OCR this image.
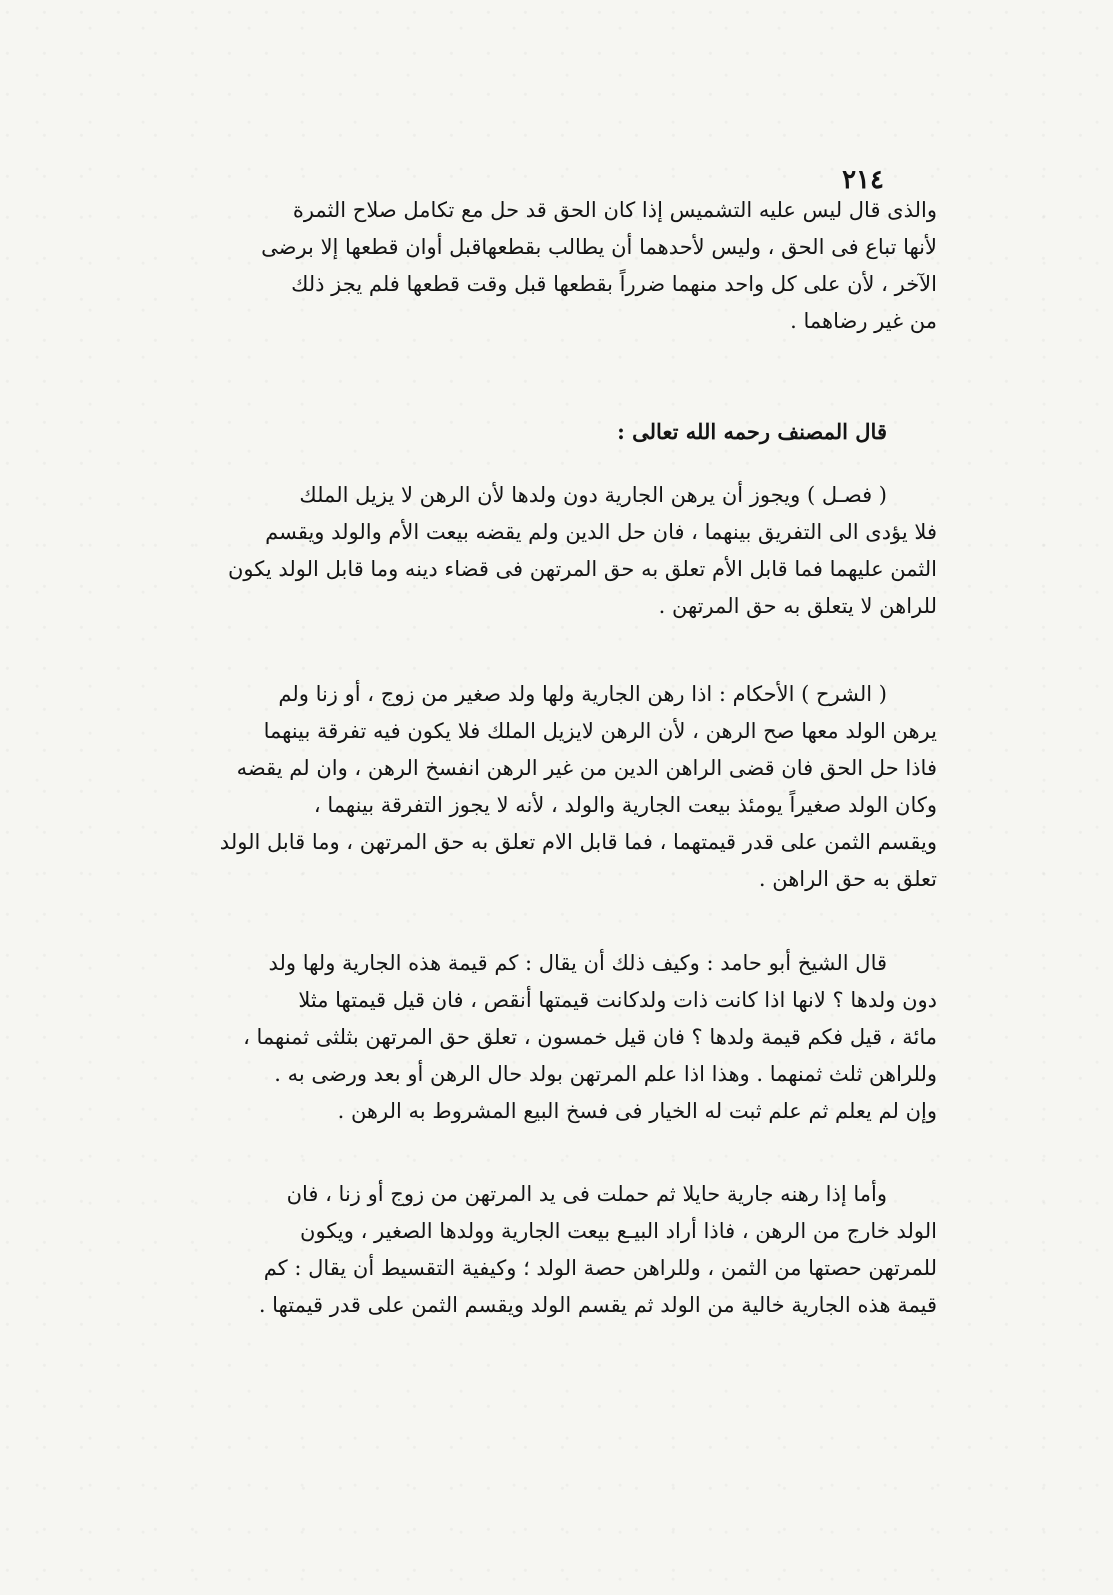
٢١٤

والذى قال ليس عليه التشميس إذا كان الحق قد حل مع تكامل صلاح الثمرة
لأنها تباع فى الحق ، وليس لأحدهما أن يطالب بقطعهاقبل أوان قطعها إلا برضى
الآخر ، لأن على كل واحد منهما ضرراً بقطعها قبل وقت قطعها فلم يجز ذلك
من غير رضاهما .

قال المصنف رحمه الله تعالى :

( فصـل ) ويجوز أن يرهن الجارية دون ولدها لأن الرهن لا يزيل الملك
فلا يؤدى الى التفريق بينهما ، فان حل الدين ولم يقضه بيعت الأم والولد ويقسم
الثمن عليهما فما قابل الأم تعلق به حق المرتهن فى قضاء دينه وما قابل الولد يكون
للراهن لا يتعلق به حق المرتهن .

( الشرح ) الأحكام : اذا رهن الجارية ولها ولد صغير من زوج ، أو زنا ولم
يرهن الولد معها صح الرهن ، لأن الرهن لايزيل الملك فلا يكون فيه تفرقة بينهما
فاذا حل الحق فان قضى الراهن الدين من غير الرهن انفسخ الرهن ، وان لم يقضه
وكان الولد صغيراً يومئذ بيعت الجارية والولد ، لأنه لا يجوز التفرقة بينهما ،
ويقسم الثمن على قدر قيمتهما ، فما قابل الام تعلق به حق المرتهن ، وما قابل الولد
تعلق به حق الراهن .

قال الشيخ أبو حامد : وكيف ذلك أن يقال : كم قيمة هذه الجارية ولها ولد
دون ولدها ؟ لانها اذا كانت ذات ولدكانت قيمتها أنقص ، فان قيل قيمتها مثلا
مائة ، قيل فكم قيمة ولدها ؟ فان قيل خمسون ، تعلق حق المرتهن بثلثى ثمنهما ،
وللراهن ثلث ثمنهما . وهذا اذا علم المرتهن بولد حال الرهن أو بعد ورضى به .
وإن لم يعلم ثم علم ثبت له الخيار فى فسخ البيع المشروط به الرهن .

وأما إذا رهنه جارية حايلا ثم حملت فى يد المرتهن من زوج أو زنا ، فان
الولد خارج من الرهن ، فاذا أراد البيـع بيعت الجارية وولدها الصغير ، ويكون
للمرتهن حصتها من الثمن ، وللراهن حصة الولد ؛ وكيفية التقسيط أن يقال : كم
قيمة هذه الجارية خالية من الولد ثم يقسم الولد ويقسم الثمن على قدر قيمتها .
